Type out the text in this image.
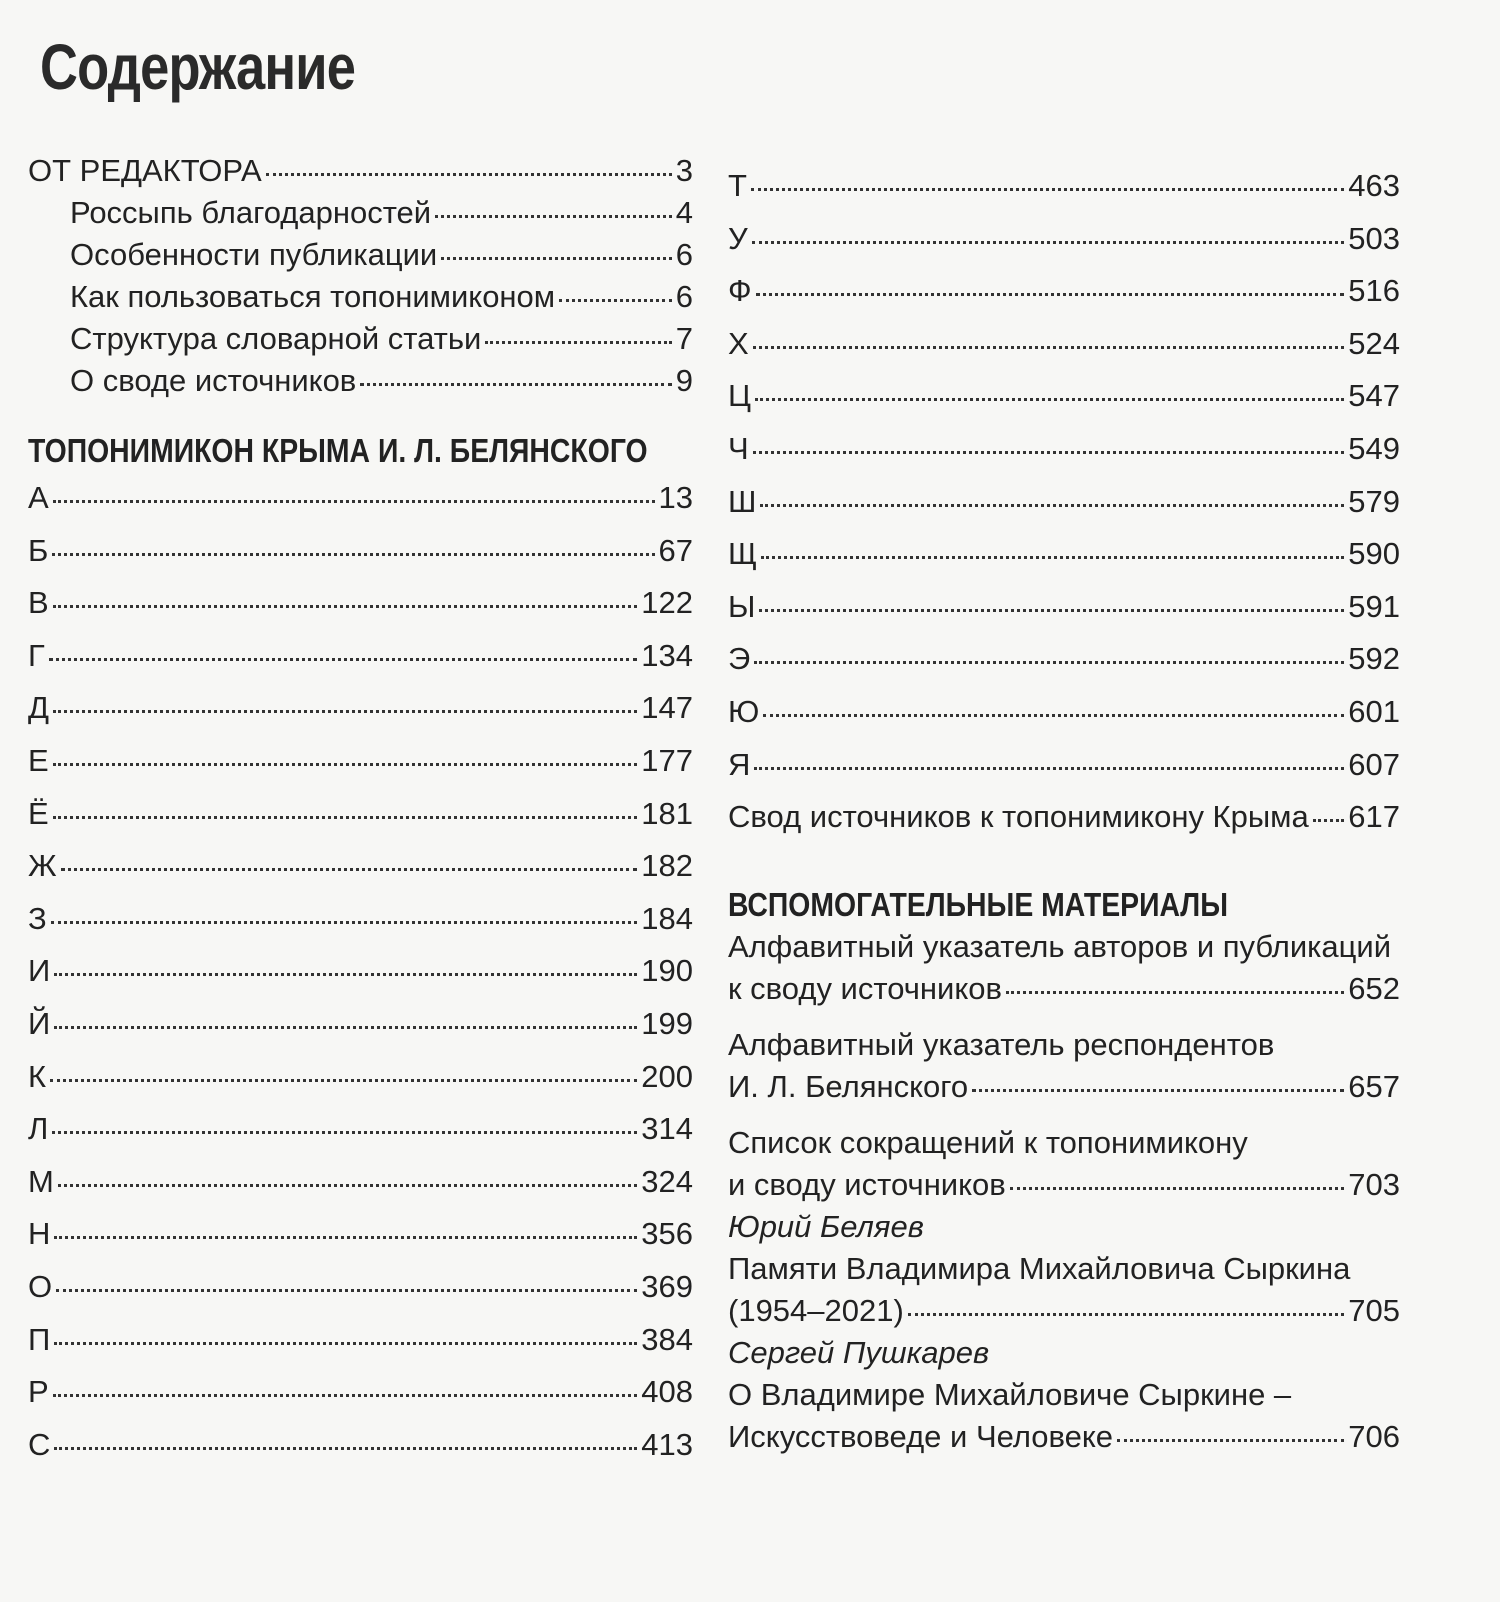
Содержание
ОТ РЕДАКТОРА	3
Россыпь благодарностей	4
Особенности публикации	6
Как пользоваться топонимиконом	6
Структура словарной статьи	7
О своде источников	9
ТОПОНИМИКОН КРЫМА И. Л. БЕЛЯНСКОГО
А	13
Б	67
В	122
Г	134
Д	147
Е	177
Ё	181
Ж	182
З	184
И	190
Й	199
К	200
Л	314
М	324
Н	356
О	369
П	384
Р	408
С	413
Т	463
У	503
Ф	516
Х	524
Ц	547
Ч	549
Ш	579
Щ	590
Ы	591
Э	592
Ю	601
Я	607
Свод источников к топонимикону Крыма 617
ВСПОМОГАТЕЛЬНЫЕ МАТЕРИАЛЫ
Алфавитный указатель авторов и публикаций
к своду источников	652
Алфавитный указатель респондентов
И. Л. Белянского	657
Список сокращений к топонимикону
и своду источников	703
Юрий Беляев
Памяти Владимира Михайловича Сыркина
(1954–2021)	705
Сергей Пушкарев
О Владимире Михайловиче Сыркине –
Искусствоведе и Человеке	706
